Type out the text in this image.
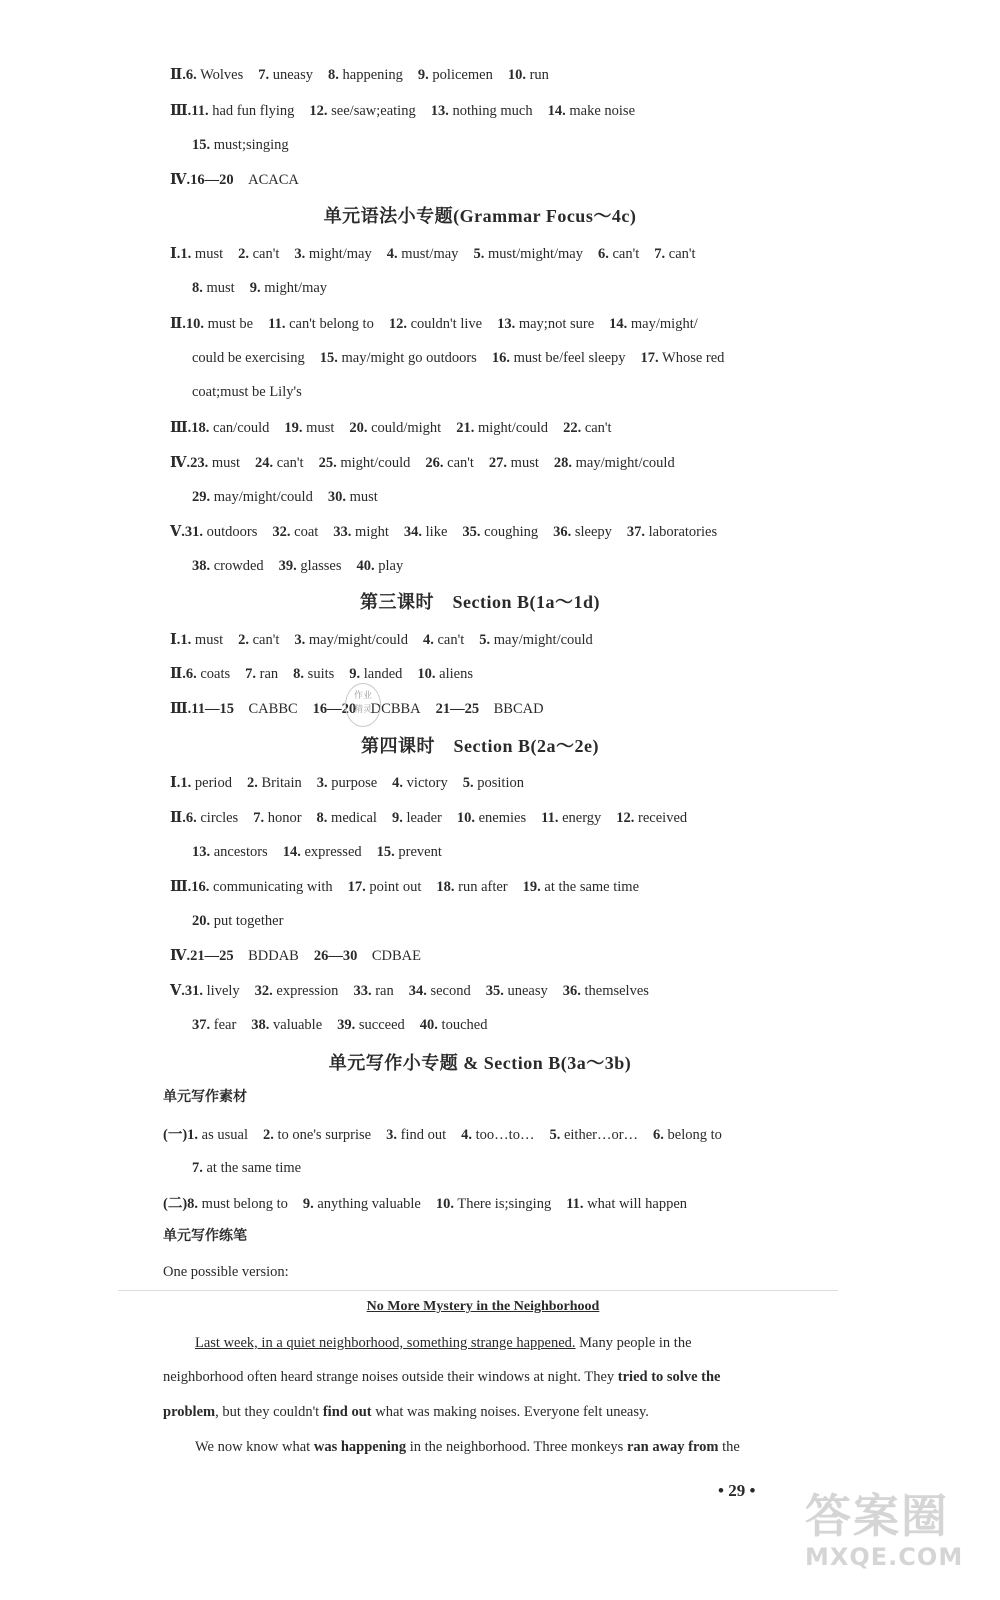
Ⅱ.6. Wolves 7. uneasy 8. happening 9. policemen 10. run
Ⅲ.11. had fun flying 12. see/saw;eating 13. nothing much 14. make noise
15. must;singing
Ⅳ.16—20　 ACACA
Ⅰ.1. must 2. can't 3. might/may 4. must/may 5. must/might/may 6. can't 7. can't
8. must 9. might/may
Ⅱ.10. must be 11. can't belong to 12. couldn't live 13. may;not sure 14. may/might/
could be exercising 15. may/might go outdoors 16. must be/feel sleepy 17. Whose red
coat;must be Lily's
Ⅲ.18. can/could 19. must 20. could/might 21. might/could 22. can't
Ⅳ.23. must 24. can't 25. might/could 26. can't 27. must 28. may/might/could
29. may/might/could 30. must
Ⅴ.31. outdoors 32. coat 33. might 34. like 35. coughing 36. sleepy 37. laboratories
38. crowded 39. glasses 40. play
Ⅰ.1. must 2. can't 3. may/might/could 4. can't 5. may/might/could
Ⅱ.6. coats 7. ran 8. suits 9. landed 10. aliens
Ⅲ.11—15　 CABBC 16—20　 DCBBA 21—25　 BBCAD
Ⅰ.1. period 2. Britain 3. purpose 4. victory 5. position
Ⅱ.6. circles 7. honor 8. medical 9. leader 10. enemies 11. energy 12. received
13. ancestors 14. expressed 15. prevent
Ⅲ.16. communicating with 17. point out 18. run after 19. at the same time
20. put together
Ⅳ.21—25　 BDDAB 26—30　 CDBAE
Ⅴ.31. lively 32. expression 33. ran 34. second 35. uneasy 36. themselves
37. fear 38. valuable 39. succeed 40. touched
(一)1. as usual 2. to one's surprise 3. find out 4. too…to… 5. either…or… 6. belong to
7. at the same time
(二)8. must belong to 9. anything valuable 10. There is;singing 11. what will happen
One possible version:
单元语法小专题(Grammar Focus～4c)
第三课时　Section B(1a～1d)
第四课时　Section B(2a～2e)
单元写作小专题 & Section B(3a～3b)
单元写作素材
单元写作练笔
No More Mystery in the Neighborhood
Last week, in a quiet neighborhood, something strange happened. Many people in the
neighborhood often heard strange noises outside their windows at night. They tried to solve the
problem, but they couldn't find out what was making noises. Everyone felt uneasy.
We now know what was happening in the neighborhood. Three monkeys ran away from the
• 29 •
作业
精灵
答案圈
MXQE.COM
